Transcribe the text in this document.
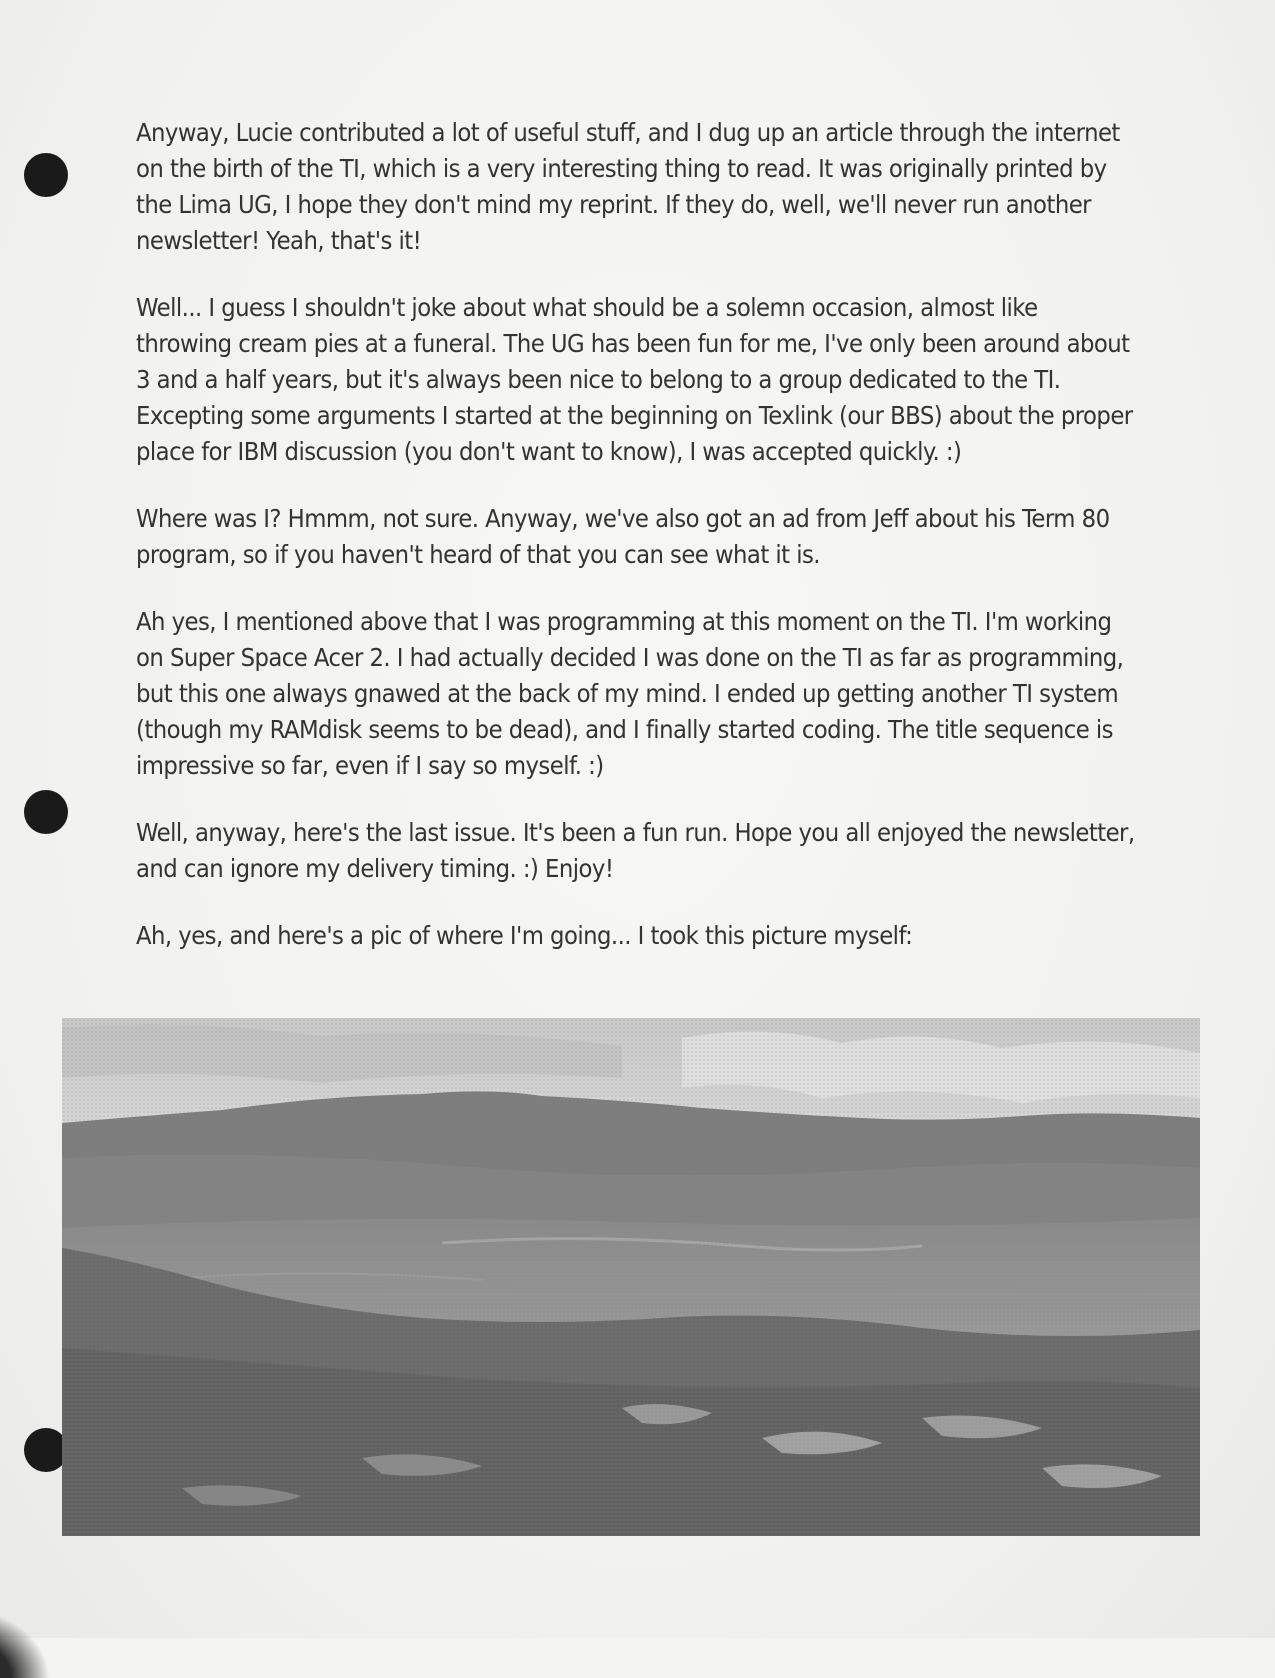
Anyway, Lucie contributed a lot of useful stuff, and I dug up an article through the internet on the birth of the TI, which is a very interesting thing to read. It was originally printed by the Lima UG, I hope they don't mind my reprint. If they do, well, we'll never run another newsletter! Yeah, that's it!

Well... I guess I shouldn't joke about what should be a solemn occasion, almost like throwing cream pies at a funeral. The UG has been fun for me, I've only been around about 3 and a half years, but it's always been nice to belong to a group dedicated to the TI. Excepting some arguments I started at the beginning on Texlink (our BBS) about the proper place for IBM discussion (you don't want to know), I was accepted quickly. :)

Where was I? Hmmm, not sure. Anyway, we've also got an ad from Jeff about his Term 80 program, so if you haven't heard of that you can see what it is.

Ah yes, I mentioned above that I was programming at this moment on the TI. I'm working on Super Space Acer 2. I had actually decided I was done on the TI as far as programming, but this one always gnawed at the back of my mind. I ended up getting another TI system (though my RAMdisk seems to be dead), and I finally started coding. The title sequence is impressive so far, even if I say so myself. :)

Well, anyway, here's the last issue. It's been a fun run. Hope you all enjoyed the newsletter, and can ignore my delivery timing. :) Enjoy!

Ah, yes, and here's a pic of where I'm going... I took this picture myself:
